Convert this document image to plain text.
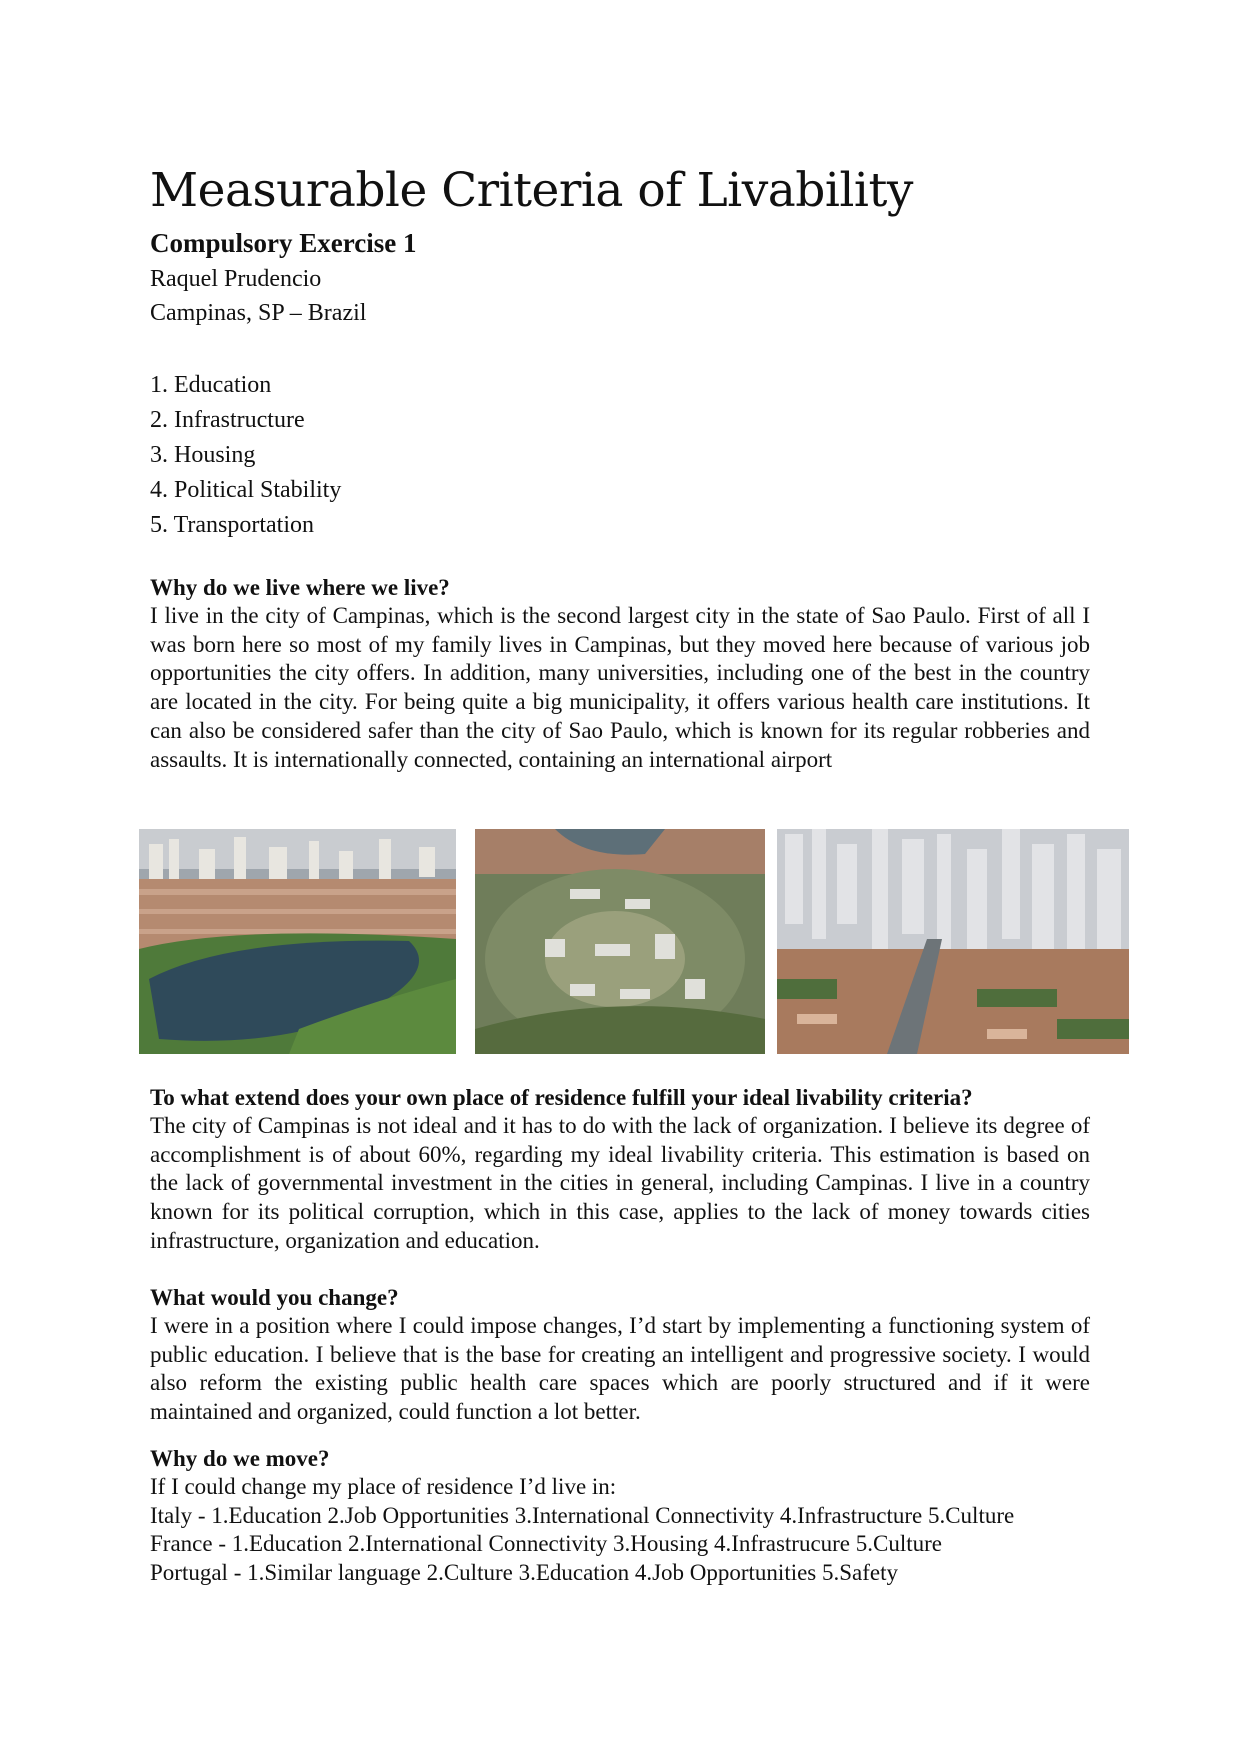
Measurable Criteria of Livability
Compulsory Exercise 1
Raquel Prudencio
Campinas, SP – Brazil
1. Education
2. Infrastructure
3. Housing
4. Political Stability
5. Transportation
Why do we live where we live?

I live in the city of Campinas, which is the second largest city in the state of Sao Paulo. First of all I was born here so most of my family lives in Campinas, but they moved here because of various job opportunities the city offers. In addition, many universities, including one of the best in the country are located in the city. For being quite a big municipality, it offers various health care institutions. It can also be considered safer than the city of Sao Paulo, which is known for its regular robberies and assaults. It is internationally connected, containing an international airport

To what extend does your own place of residence fulfill your ideal livability criteria?

The city of Campinas is not ideal and it has to do with the lack of organization. I believe its degree of accomplishment is of about 60%, regarding my ideal livability criteria. This estimation is based on the lack of governmental investment in the cities in general, including Campinas. I live in a country known for its political corruption, which in this case, applies to the lack of money towards cities infrastructure, organization and education.

What would you change?

I were in a position where I could impose changes, I’d start by implementing a functioning system of public education. I believe that is the base for creating an intelligent and progressive society. I would also reform the existing public health care spaces which are poorly structured and if it were maintained and organized, could function a lot better.

Why do we move?

If I could change my place of residence I’d live in:

Italy - 1.Education 2.Job Opportunities 3.International Connectivity 4.Infrastructure 5.Culture

France - 1.Education 2.International Connectivity 3.Housing 4.Infrastrucure 5.Culture

Portugal - 1.Similar language 2.Culture 3.Education 4.Job Opportunities 5.Safety
